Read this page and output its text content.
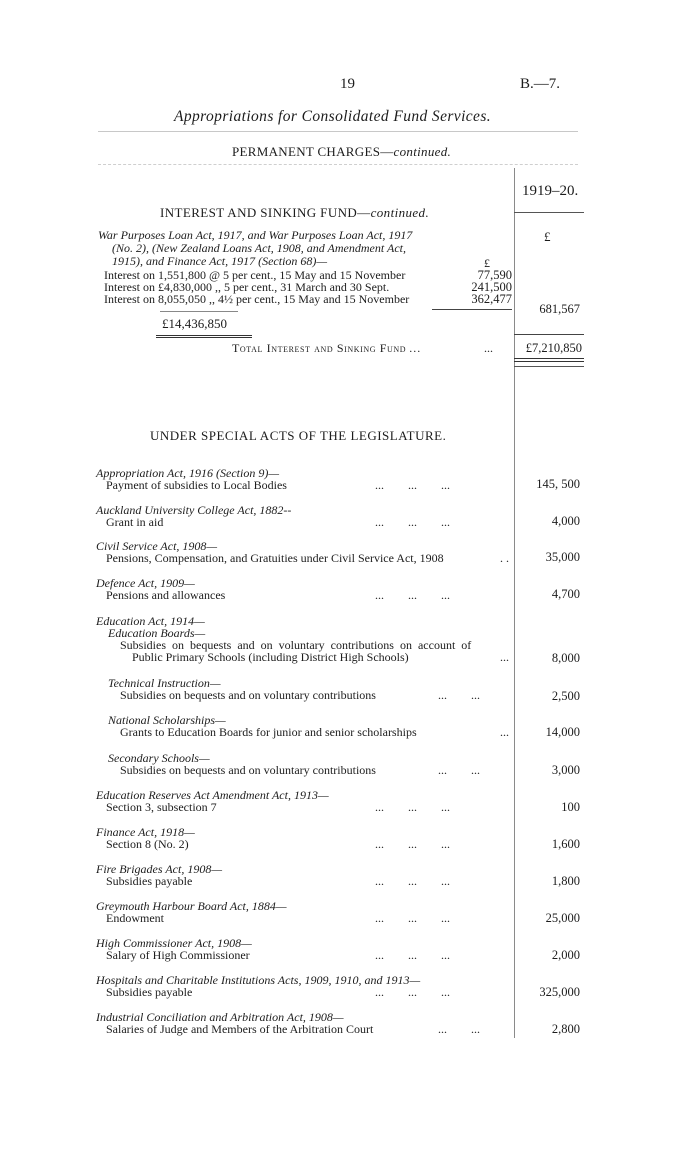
19	B.—7.
Appropriations for Consolidated Fund Services.
PERMANENT CHARGES—continued.
1919–20.
£
INTEREST AND SINKING FUND—continued.
War Purposes Loan Act, 1917, and War Purposes Loan Act, 1917
(No. 2), (New Zealand Loans Act, 1908, and Amendment Act,
1915), and Finance Act, 1917 (Section 68)—	£
Interest on 1,551,800 @ 5 per cent., 15 May and 15 November	77,590
Interest on £4,830,000 ,, 5 per cent., 31 March and 30 Sept.	241,500
Interest on 8,055,050 ,, 4½ per cent., 15 May and 15 November	362,477
£14,436,850
681,567
Total Interest and Sinking Fund ...	...	£7,210,850
UNDER SPECIAL ACTS OF THE LEGISLATURE.
Appropriation Act, 1916 (Section 9)—
Payment of subsidies to Local Bodies	...        ...        ...	145, 500
Auckland University College Act, 1882--
Grant in aid	...        ...        ...	4,000
Civil Service Act, 1908—
Pensions, Compensation, and Gratuities under Civil Service Act, 1908	. .	35,000
Defence Act, 1909—
Pensions and allowances	...        ...        ...	4,700
Education Act, 1914—
Education Boards—
Subsidies  on  bequests  and  on  voluntary  contributions  on  account  of
Public Primary Schools (including District High Schools)	...	8,000
Technical Instruction—
Subsidies on bequests and on voluntary contributions	...        ...	2,500
National Scholarships—
Grants to Education Boards for junior and senior scholarships	...	14,000
Secondary Schools—
Subsidies on bequests and on voluntary contributions	...        ...	3,000
Education Reserves Act Amendment Act, 1913—
Section 3, subsection 7	...        ...        ...	100
Finance Act, 1918—
Section 8 (No. 2)	...        ...        ...	1,600
Fire Brigades Act, 1908—
Subsidies payable	...        ...        ...	1,800
Greymouth Harbour Board Act, 1884—
Endowment	...        ...        ...	25,000
High Commissioner Act, 1908—
Salary of High Commissioner	...        ...        ...	2,000
Hospitals and Charitable Institutions Acts, 1909, 1910, and 1913—
Subsidies payable	...        ...        ...	325,000
Industrial Conciliation and Arbitration Act, 1908—
Salaries of Judge and Members of the Arbitration Court	...        ...	2,800
